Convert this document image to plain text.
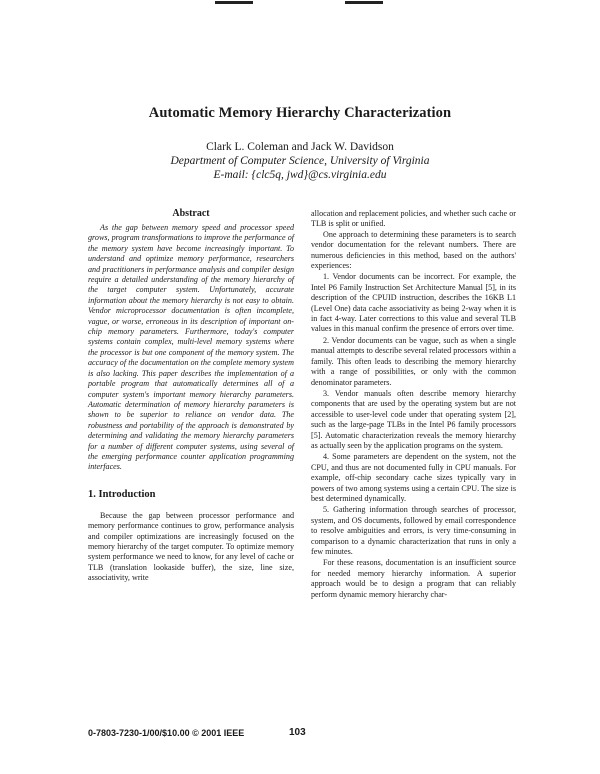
Automatic Memory Hierarchy Characterization
Clark L. Coleman and Jack W. Davidson
Department of Computer Science, University of Virginia
E-mail: {clc5q, jwd}@cs.virginia.edu
Abstract

As the gap between memory speed and processor speed grows, program transformations to improve the performance of the memory system have become increasingly important. To understand and optimize memory performance, researchers and practitioners in performance analysis and compiler design require a detailed understanding of the memory hierarchy of the target computer system. Unfortunately, accurate information about the memory hierarchy is not easy to obtain. Vendor microprocessor documentation is often incomplete, vague, or worse, erroneous in its description of important on-chip memory parameters. Furthermore, today's computer systems contain complex, multi-level memory systems where the processor is but one component of the memory system. The accuracy of the documentation on the complete memory system is also lacking. This paper describes the implementation of a portable program that automatically determines all of a computer system's important memory hierarchy parameters. Automatic determination of memory hierarchy parameters is shown to be superior to reliance on vendor data. The robustness and portability of the approach is demonstrated by determining and validating the memory hierarchy parameters for a number of different computer systems, using several of the emerging performance counter application programming interfaces.

1. Introduction

Because the gap between processor performance and memory performance continues to grow, performance analysis and compiler optimizations are increasingly focused on the memory hierarchy of the target computer. To optimize memory system performance we need to know, for any level of cache or TLB (translation lookaside buffer), the size, line size, associativity, write

allocation and replacement policies, and whether such cache or TLB is split or unified.

One approach to determining these parameters is to search vendor documentation for the relevant numbers. There are numerous deficiencies in this method, based on the authors' experiences:

1. Vendor documents can be incorrect. For example, the Intel P6 Family Instruction Set Architecture Manual [5], in its description of the CPUID instruction, describes the 16KB L1 (Level One) data cache associativity as being 2-way when it is in fact 4-way. Later corrections to this value and several TLB values in this manual confirm the presence of errors over time.

2. Vendor documents can be vague, such as when a single manual attempts to describe several related processors within a family. This often leads to describing the memory hierarchy with a range of possibilities, or only with the common denominator parameters.

3. Vendor manuals often describe memory hierarchy components that are used by the operating system but are not accessible to user-level code under that operating system [2], such as the large-page TLBs in the Intel P6 family processors [5]. Automatic characterization reveals the memory hierarchy as actually seen by the application programs on the system.

4. Some parameters are dependent on the system, not the CPU, and thus are not documented fully in CPU manuals. For example, off-chip secondary cache sizes typically vary in powers of two among systems using a certain CPU. The size is best determined dynamically.

5. Gathering information through searches of processor, system, and OS documents, followed by email correspondence to resolve ambiguities and errors, is very time-consuming in comparison to a dynamic characterization that runs in only a few minutes.

For these reasons, documentation is an insufficient source for needed memory hierarchy information. A superior approach would be to design a program that can reliably perform dynamic memory hierarchy char-

0-7803-7230-1/00/$10.00 © 2001 IEEE	103
